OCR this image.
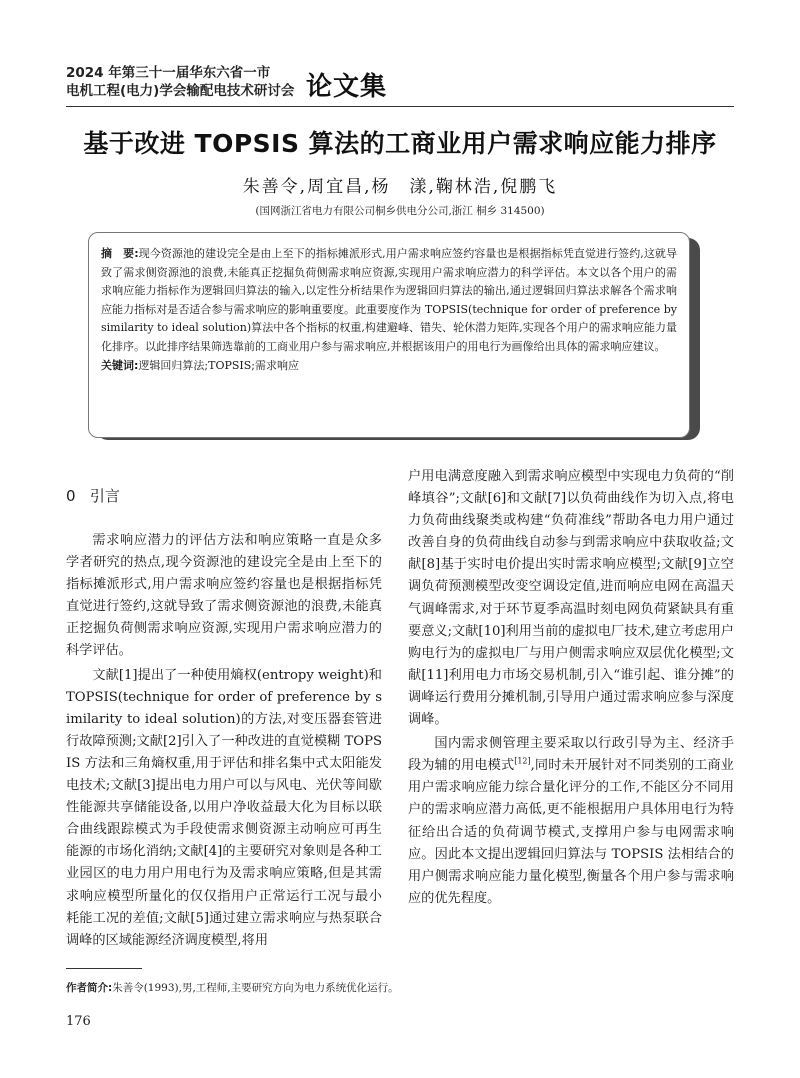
2024 年第三十一届华东六省一市
电机工程(电力)学会输配电技术研讨会 论文集
基于改进 TOPSIS 算法的工商业用户需求响应能力排序
朱善令,周宜昌,杨　漾,鞠林浩,倪鹏飞
(国网浙江省电力有限公司桐乡供电分公司,浙江 桐乡 314500)
摘　要:现今资源池的建设完全是由上至下的指标摊派形式,用户需求响应签约容量也是根据指标凭直觉进行签约,这就导致了需求侧资源池的浪费,未能真正挖掘负荷侧需求响应资源,实现用户需求响应潜力的科学评估。本文以各个用户的需求响应能力指标作为逻辑回归算法的输入,以定性分析结果作为逻辑回归算法的输出,通过逻辑回归算法求解各个需求响应能力指标对是否适合参与需求响应的影响重要度。此重要度作为 TOPSIS(technique for order of preference by similarity to ideal solution)算法中各个指标的权重,构建避峰、错失、轮休潜力矩阵,实现各个用户的需求响应能力量化排序。以此排序结果筛选靠前的工商业用户参与需求响应,并根据该用户的用电行为画像给出具体的需求响应建议。
关键词:逻辑回归算法;TOPSIS;需求响应
0 引言

需求响应潜力的评估方法和响应策略一直是众多学者研究的热点,现今资源池的建设完全是由上至下的指标摊派形式,用户需求响应签约容量也是根据指标凭直觉进行签约,这就导致了需求侧资源池的浪费,未能真正挖掘负荷侧需求响应资源,实现用户需求响应潜力的科学评估。

文献[1]提出了一种使用熵权(entropy weight)和TOPSIS(technique for order of preference by similarity to ideal solution)的方法,对变压器套管进行故障预测;文献[2]引入了一种改进的直觉模糊 TOPSIS 方法和三角熵权重,用于评估和排名集中式太阳能发电技术;文献[3]提出电力用户可以与风电、光伏等间歇性能源共享储能设备,以用户净收益最大化为目标以联合曲线跟踪模式为手段使需求侧资源主动响应可再生能源的市场化消纳;文献[4]的主要研究对象则是各种工业园区的电力用户用电行为及需求响应策略,但是其需求响应模型所量化的仅仅指用户正常运行工况与最小耗能工况的差值;文献[5]通过建立需求响应与热泵联合调峰的区域能源经济调度模型,将用

户用电满意度融入到需求响应模型中实现电力负荷的“削峰填谷”;文献[6]和文献[7]以负荷曲线作为切入点,将电力负荷曲线聚类或构建“负荷准线”帮助各电力用户通过改善自身的负荷曲线自动参与到需求响应中获取收益;文献[8]基于实时电价提出实时需求响应模型;文献[9]立空调负荷预测模型改变空调设定值,进而响应电网在高温天气调峰需求,对于环节夏季高温时刻电网负荷紧缺具有重要意义;文献[10]利用当前的虚拟电厂技术,建立考虑用户购电行为的虚拟电厂与用户侧需求响应双层优化模型;文献[11]利用电力市场交易机制,引入“谁引起、谁分摊”的调峰运行费用分摊机制,引导用户通过需求响应参与深度调峰。

国内需求侧管理主要采取以行政引导为主、经济手段为辅的用电模式[12],同时未开展针对不同类别的工商业用户需求响应能力综合量化评分的工作,不能区分不同用户的需求响应潜力高低,更不能根据用户具体用电行为特征给出合适的负荷调节模式,支撑用户参与电网需求响应。因此本文提出逻辑回归算法与 TOPSIS 法相结合的用户侧需求响应能力量化模型,衡量各个用户参与需求响应的优先程度。

作者简介:朱善令(1993),男,工程师,主要研究方向为电力系统优化运行。
176
